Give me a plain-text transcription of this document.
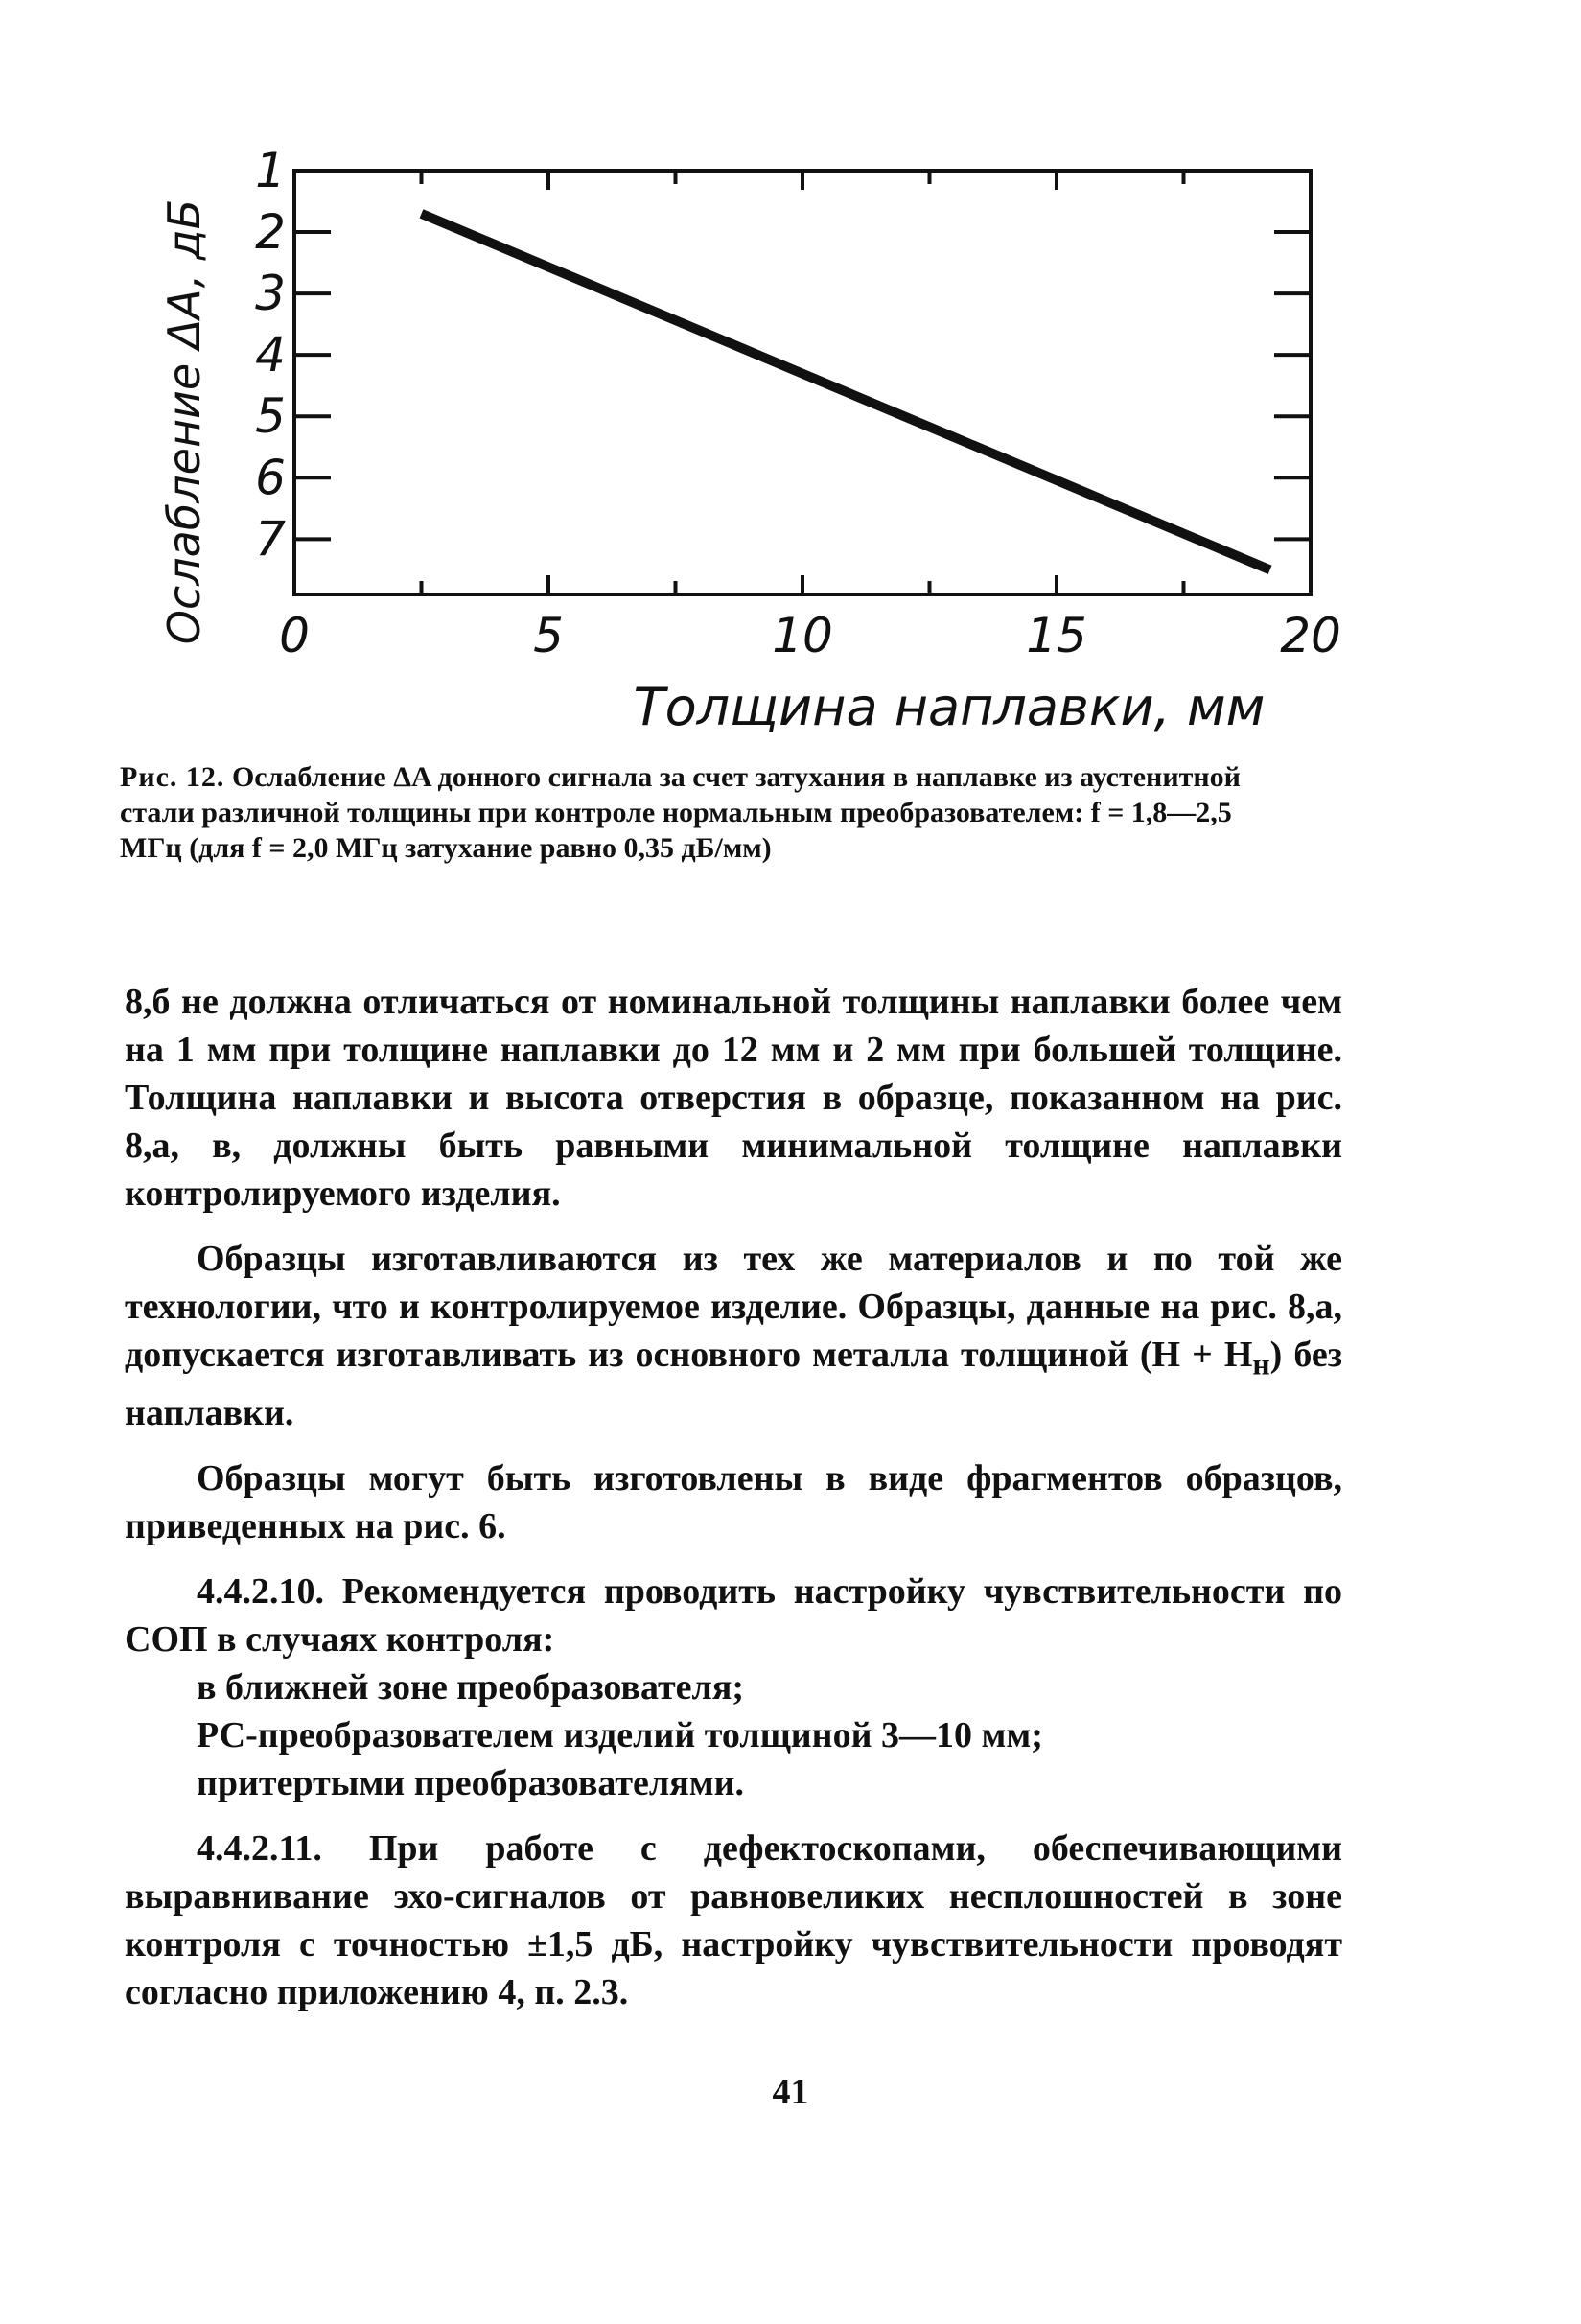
0	5	10	15	20
1
2
3
4
5
6
7
Ослабление ΔA, дБ
Толщина наплавки, мм

Рис. 12. Ослабление ΔA донного сигнала за счет затухания в наплавке из аустенитной стали различной толщины при контроле нормальным преобразователем: f = 1,8—2,5 МГц (для f = 2,0 МГц затухание равно 0,35 дБ/мм)

8,б не должна отличаться от номинальной толщины наплавки более чем на 1 мм при толщине наплавки до 12 мм и 2 мм при большей толщине. Толщина наплавки и высота отверстия в образце, показанном на рис. 8,а, в, должны быть равными минимальной толщине наплавки контролируемого изделия.

Образцы изготавливаются из тех же материалов и по той же технологии, что и контролируемое изделие. Образцы, данные на рис. 8,а, допускается изготавливать из основного металла толщиной $(H + H_н)$ без наплавки.

Образцы могут быть изготовлены в виде фрагментов образцов, приведенных на рис. 6.

4.4.2.10. Рекомендуется проводить настройку чувствительности по СОП в случаях контроля:

в ближней зоне преобразователя;
РС-преобразователем изделий толщиной 3—10 мм;
притертыми преобразователями.

4.4.2.11. При работе с дефектоскопами, обеспечивающими выравнивание эхо-сигналов от равновеликих несплошностей в зоне контроля с точностью ±1,5 дБ, настройку чувствительности проводят согласно приложению 4, п. 2.3.

41
